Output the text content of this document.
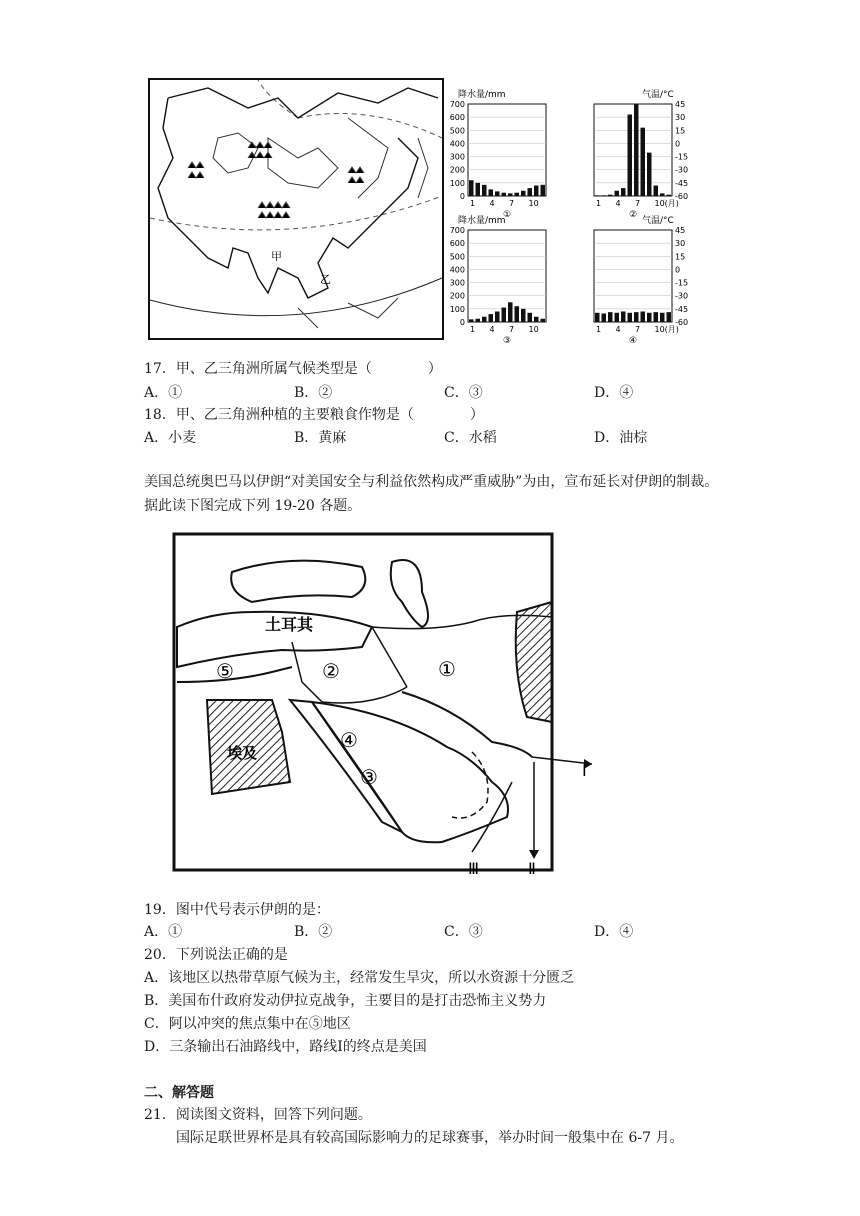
甲
乙
降水量/mm
700
600
500
400
300
200
100
0
1 4 7 10
①
气温/°C
45
30
15
0
-15
-30
-45
-60
1 4 7 10(月)
②
降水量/mm
700
600
500
400
300
200
100
0
1 4 7 10
③
气温/°C
45
30
15
0
-15
-30
-45
-60
1 4 7 10(月)
④
17．甲、乙三角洲所属气候类型是（　　　　）
A．①	B．②	C．③	D．④
18．甲、乙三角洲种植的主要粮食作物是（　　　　）
A．小麦	B．黄麻	C．水稻	D．油棕
美国总统奥巴马以伊朗“对美国安全与利益依然构成严重威胁”为由，宣布延长对伊朗的制裁。据此读下图完成下列 19-20 各题。
土耳其
埃及
⑤	②	①
④
③	Ⅰ
Ⅱ
Ⅲ
19．图中代号表示伊朗的是：
A．①	B．②	C．③	D．④
20．下列说法正确的是
A．该地区以热带草原气候为主，经常发生旱灾，所以水资源十分匮乏
B．美国布什政府发动伊拉克战争，主要目的是打击恐怖主义势力
C．阿以冲突的焦点集中在⑤地区
D．三条输出石油路线中，路线Ⅰ的终点是美国
二、解答题
21．阅读图文资料，回答下列问题。
国际足联世界杯是具有较高国际影响力的足球赛事，举办时间一般集中在 6-7 月。
